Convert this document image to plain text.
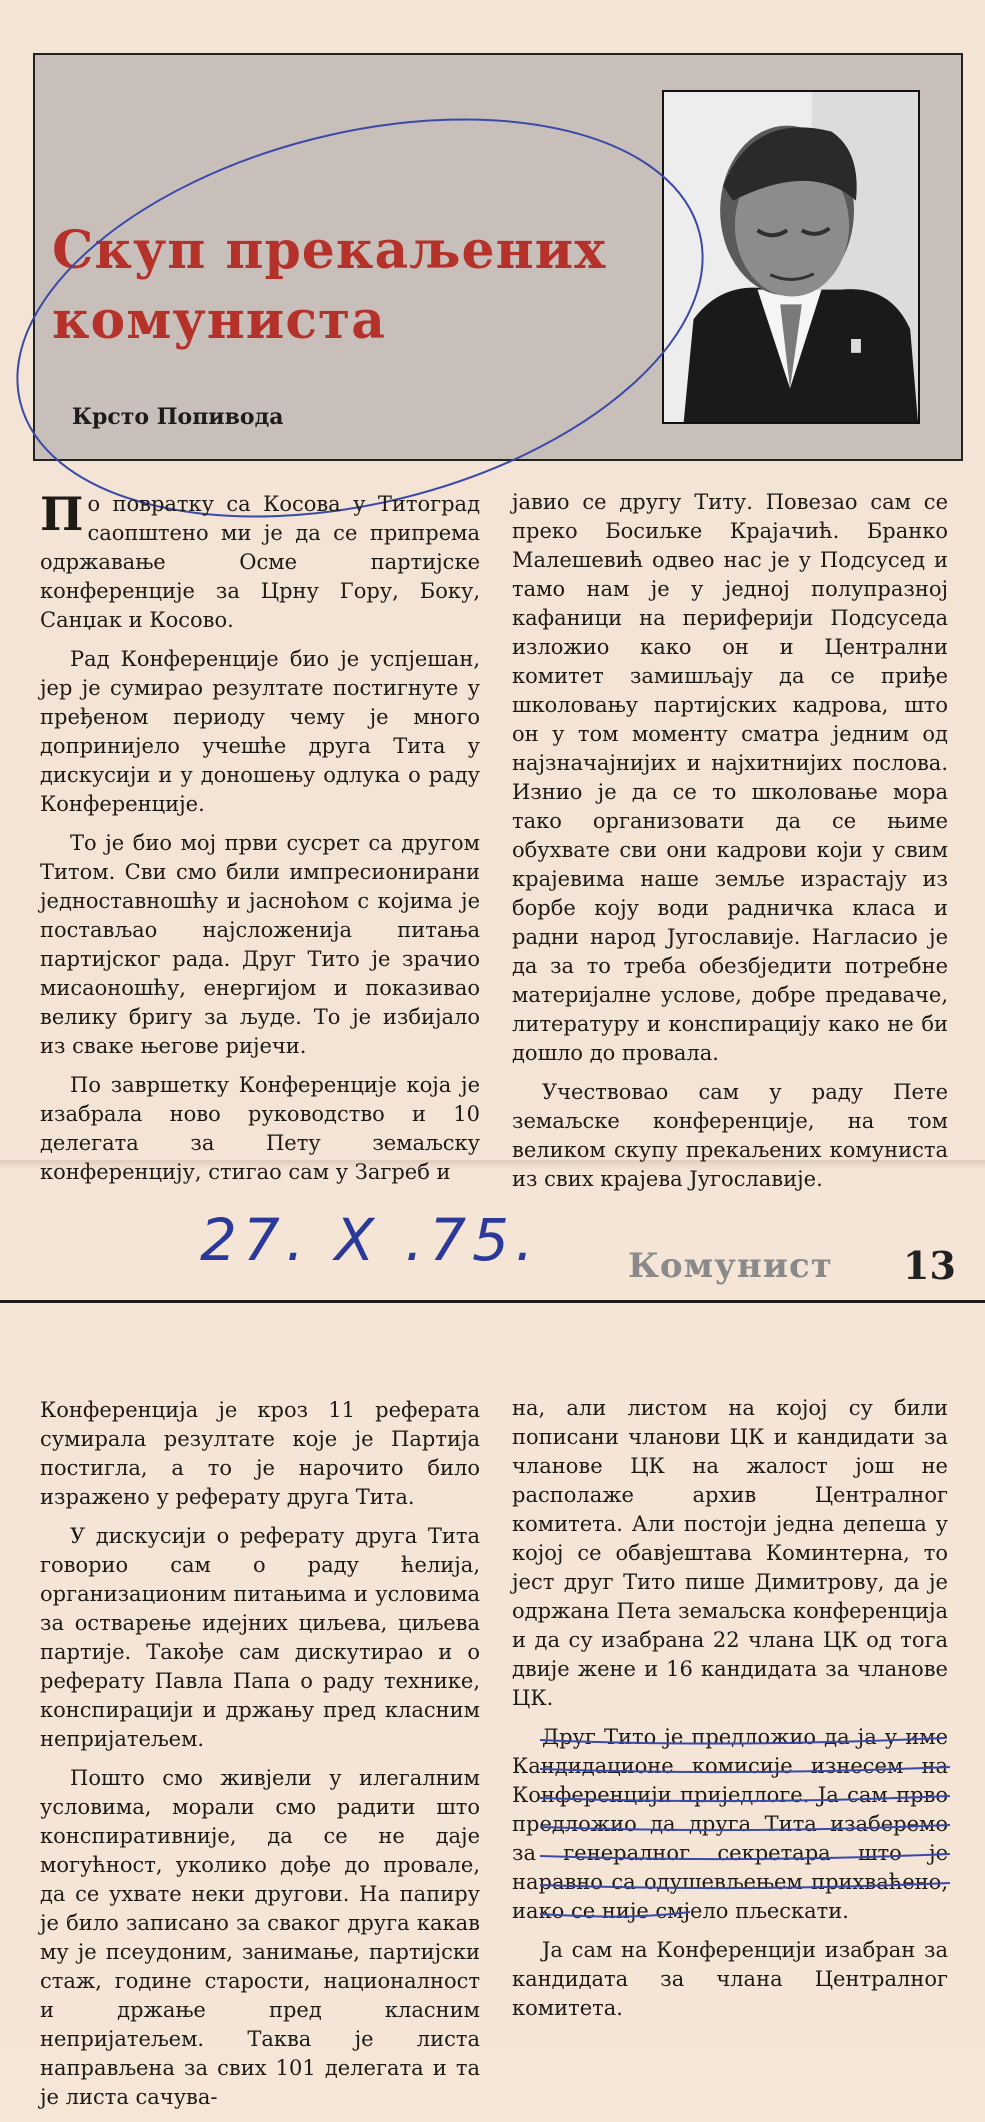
Скуп прекаљених
комуниста
Крсто Попивода

По повратку са Косова у Титоград саопштено ми је да се припрема одржавање Осме партијске конференције за Црну Гору, Боку, Санџак и Косово.

Рад Конференције био је успјешан, јер је сумирао резултате постигнуте у пређеном периоду чему је много допринијело учешће друга Тита у дискусији и у доношењу одлука о раду Конференције.

То је био мој први сусрет са другом Титом. Сви смо били импресионирани једноставношћу и јасноћом с којима је постављао најсложенија питања партијског рада. Друг Тито је зрачио мисаоношћу, енергијом и показивао велику бригу за људе. То је избијало из сваке његове ријечи.

По завршетку Конференције која је изабрала ново руководство и 10 делегата за Пету земаљску конференцију, стигао сам у Загреб и

јавио се другу Титу. Повезао сам се преко Босиљке Крајачић. Бранко Малешевић одвео нас је у Подсусед и тамо нам је у једној полупразној кафаници на периферији Подсуседа изложио како он и Централни комитет замишљају да се приђе школовању партијских кадрова, што он у том моменту сматра једним од најзначајнијих и најхитнијих послова. Изнио је да се то школовање мора тако организовати да се њиме обухвате сви они кадрови који у свим крајевима наше земље израстају из борбе коју води радничка класа и радни народ Југославије. Нагласио је да за то треба обезбједити потребне материјалне услове, добре предаваче, литературу и конспирацију како не би дошло до провала.

Учествовао сам у раду Пете земаљске конференције, на том великом скупу прекаљених комуниста из свих крајева Југославије.

27. X .75.	Комунист 13

Конференција је кроз 11 реферата сумирала резултате које је Партија постигла, а то је нарочито било изражено у реферату друга Тита.

У дискусији о реферату друга Тита говорио сам о раду ћелија, организационим питањима и условима за остварење идејних циљева, циљева партије. Такође сам дискутирао и о реферату Павла Папа о раду технике, конспирацији и држању пред класним непријатељем.

Пошто смо живјели у илегалним условима, морали смо радити што конспиративније, да се не даје могућност, уколико дође до провале, да се ухвате неки другови. На папиру је било записано за сваког друга какав му је псеудоним, занимање, партијски стаж, године старости, националност и држање пред класним непријатељем. Таква је листа направљена за свих 101 делегата и та је листа сачува-

на, али листом на којој су били пописани чланови ЦК и кандидати за чланове ЦК на жалост још не располаже архив Централног комитета. Али постоји једна депеша у којој се обавјештава Коминтерна, то јест друг Тито пише Димитрову, да је одржана Пета земаљска конференција и да су изабрана 22 члана ЦК од тога двије жене и 16 кандидата за чланове ЦК.

Друг Тито је предложио да ја у име Кандидационе комисије изнесем на Конференцији приједлоге. Ја сам прво предложио да друга Тита изаберемо за генералног секретара што је наравно са одушевљењем прихваћено, иако се није смјело пљескати.

Ја сам на Конференцији изабран за кандидата за члана Централног комитета.
